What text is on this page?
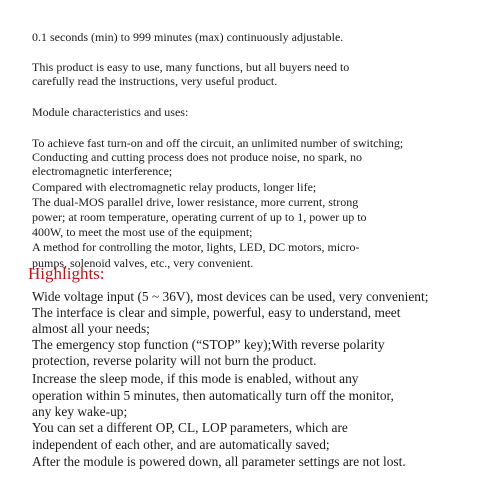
0.1 seconds (min) to 999 minutes (max) continuously adjustable.
This product is easy to use, many functions, but all buyers need to
carefully read the instructions, very useful product.
Module characteristics and uses:
To achieve fast turn-on and off the circuit, an unlimited number of switching;
Conducting and cutting process does not produce noise, no spark, no
electromagnetic interference;
Compared with electromagnetic relay products, longer life;
The dual-MOS parallel drive, lower resistance, more current, strong
power; at room temperature, operating current of up to 1, power up to
400W, to meet the most use of the equipment;
A method for controlling the motor, lights, LED, DC motors, micro-
pumps, solenoid valves, etc., very convenient.
Highlights:
Wide voltage input (5 ~ 36V), most devices can be used, very convenient;
The interface is clear and simple, powerful, easy to understand, meet
almost all your needs;
The emergency stop function (“STOP” key);With reverse polarity
protection, reverse polarity will not burn the product.
Increase the sleep mode, if this mode is enabled, without any
operation within 5 minutes, then automatically turn off the monitor,
any key wake-up;
You can set a different OP, CL, LOP parameters, which are
independent of each other, and are automatically saved;
After the module is powered down, all parameter settings are not lost.
